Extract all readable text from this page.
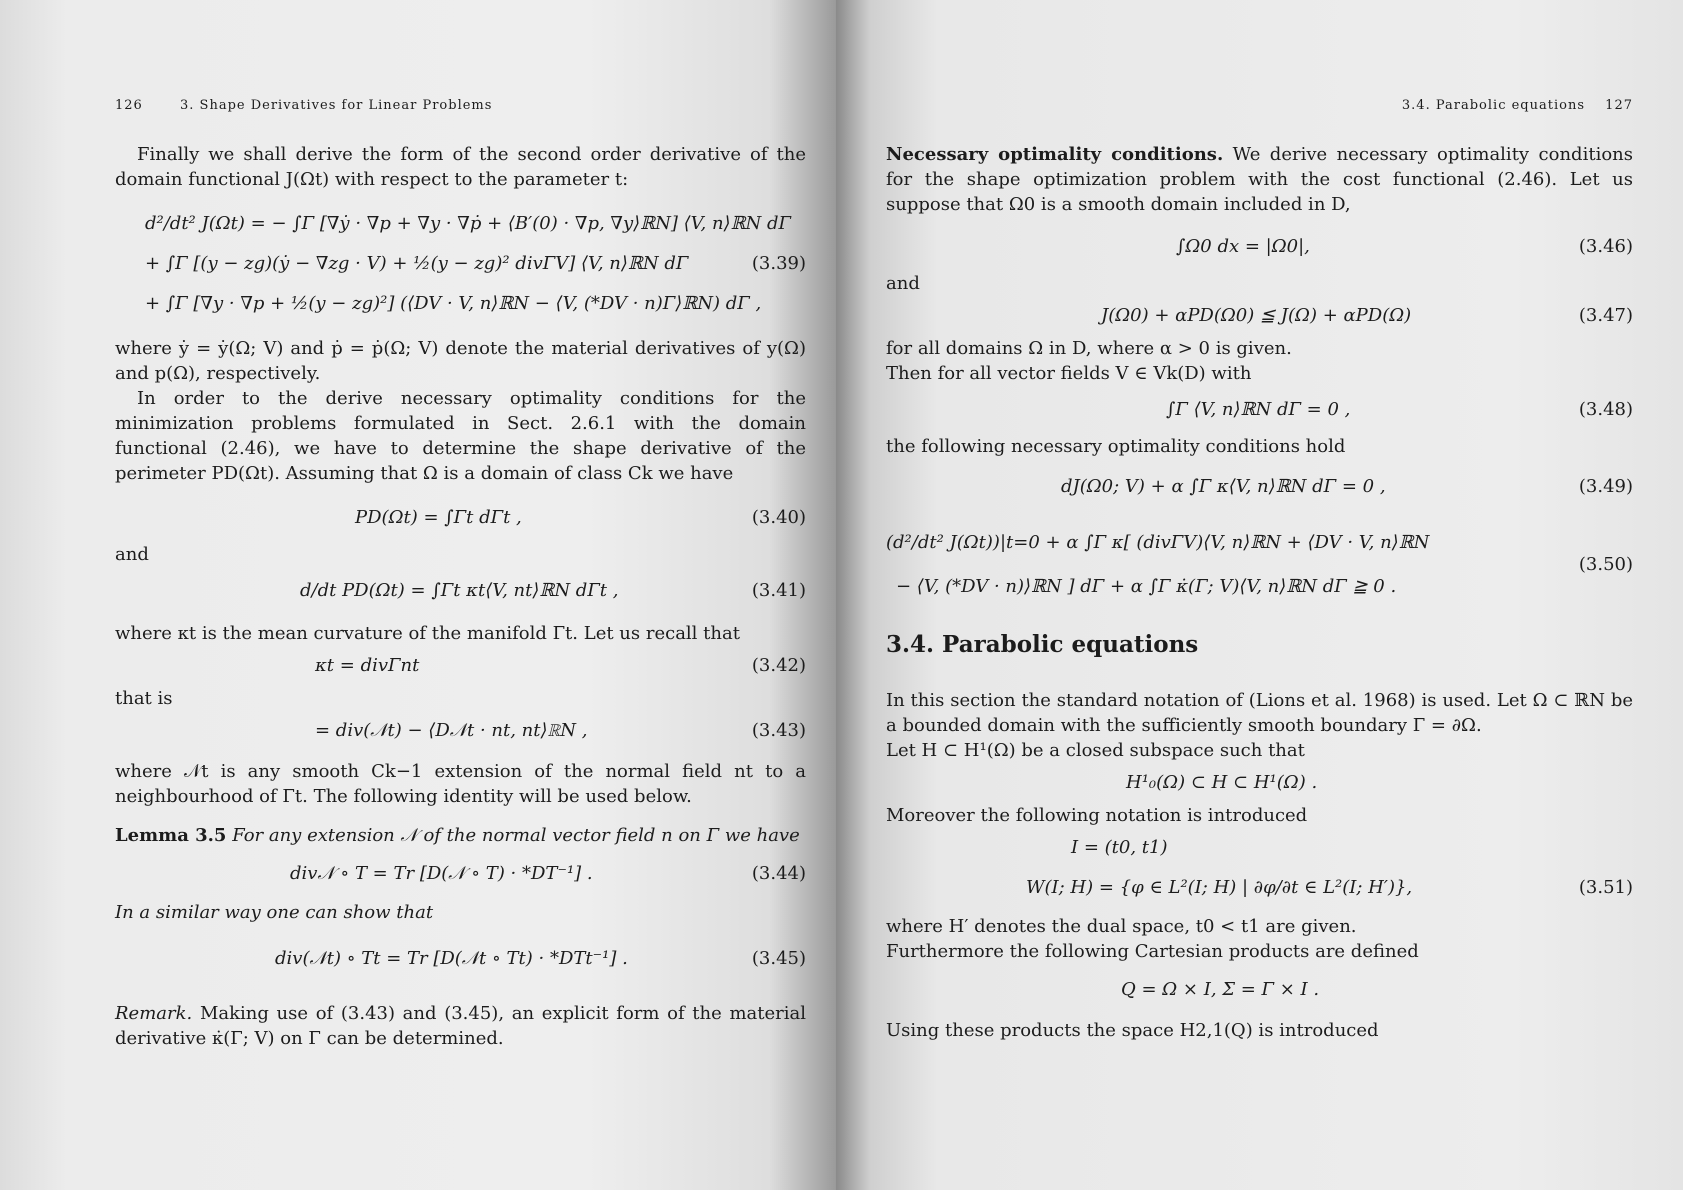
126	3. Shape Derivatives for Linear Problems

Finally we shall derive the form of the second order derivative of the domain functional J(Ωt) with respect to the parameter t:

d²/dt² J(Ωt) = − ∫Γ [∇ẏ · ∇p + ∇y · ∇ṗ + ⟨B′(0) · ∇p, ∇y⟩ℝN] ⟨V, n⟩ℝN dΓ
+ ∫Γ [(y − zg)(ẏ − ∇zg · V) + ½(y − zg)² divΓV] ⟨V, n⟩ℝN dΓ	(3.39)
+ ∫Γ [∇y · ∇p + ½(y − zg)²] (⟨DV · V, n⟩ℝN − ⟨V, (*DV · n)Γ⟩ℝN) dΓ ,

where ẏ = ẏ(Ω; V) and ṗ = ṗ(Ω; V) denote the material derivatives of y(Ω) and p(Ω), respectively.

In order to the derive necessary optimality conditions for the minimization problems formulated in Sect. 2.6.1 with the domain functional (2.46), we have to determine the shape derivative of the perimeter PD(Ωt). Assuming that Ω is a domain of class Ck we have

PD(Ωt) = ∫Γt dΓt ,	(3.40)

and

d/dt PD(Ωt) = ∫Γt κt⟨V, nt⟩ℝN dΓt ,	(3.41)

where κt is the mean curvature of the manifold Γt. Let us recall that

κt = divΓnt	(3.42)

that is

= div(𝒩t) − ⟨D𝒩t · nt, nt⟩ℝN ,	(3.43)

where 𝒩t is any smooth Ck−1 extension of the normal field nt to a neighbourhood of Γt. The following identity will be used below.

Lemma 3.5 For any extension 𝒩 of the normal vector field n on Γ we have

div𝒩 ∘ T = Tr [D(𝒩 ∘ T) · *DT⁻¹] .	(3.44)

In a similar way one can show that

div(𝒩t) ∘ Tt = Tr [D(𝒩t ∘ Tt) · *DTt⁻¹] .	(3.45)

Remark. Making use of (3.43) and (3.45), an explicit form of the material derivative κ̇(Γ; V) on Γ can be determined.

3.4. Parabolic equations 127

Necessary optimality conditions. We derive necessary optimality conditions for the shape optimization problem with the cost functional (2.46). Let us suppose that Ω0 is a smooth domain included in D,

∫Ω0 dx = |Ω0|,	(3.46)

and

J(Ω0) + αPD(Ω0) ≦ J(Ω) + αPD(Ω)	(3.47)

for all domains Ω in D, where α > 0 is given.

Then for all vector fields V ∈ Vk(D) with

∫Γ ⟨V, n⟩ℝN dΓ = 0 ,	(3.48)

the following necessary optimality conditions hold

dJ(Ω0; V) + α ∫Γ κ⟨V, n⟩ℝN dΓ = 0 ,	(3.49)
(d²/dt² J(Ωt))|t=0 + α ∫Γ κ[ (divΓV)⟨V, n⟩ℝN + ⟨DV · V, n⟩ℝN
− ⟨V, (*DV · n)⟩ℝN ] dΓ + α ∫Γ κ̇(Γ; V)⟨V, n⟩ℝN dΓ ≧ 0 .
(3.50)
3.4. Parabolic equations

In this section the standard notation of (Lions et al. 1968) is used. Let Ω ⊂ ℝN be a bounded domain with the sufficiently smooth boundary Γ = ∂Ω.

Let H ⊂ H¹(Ω) be a closed subspace such that

H¹₀(Ω) ⊂ H ⊂ H¹(Ω) .

Moreover the following notation is introduced

I = (t0, t1)
W(I; H) = {φ ∈ L²(I; H) | ∂φ/∂t ∈ L²(I; H′)},	(3.51)

where H′ denotes the dual space, t0 < t1 are given.

Furthermore the following Cartesian products are defined

Q = Ω × I, Σ = Γ × I .

Using these products the space H2,1(Q) is introduced
